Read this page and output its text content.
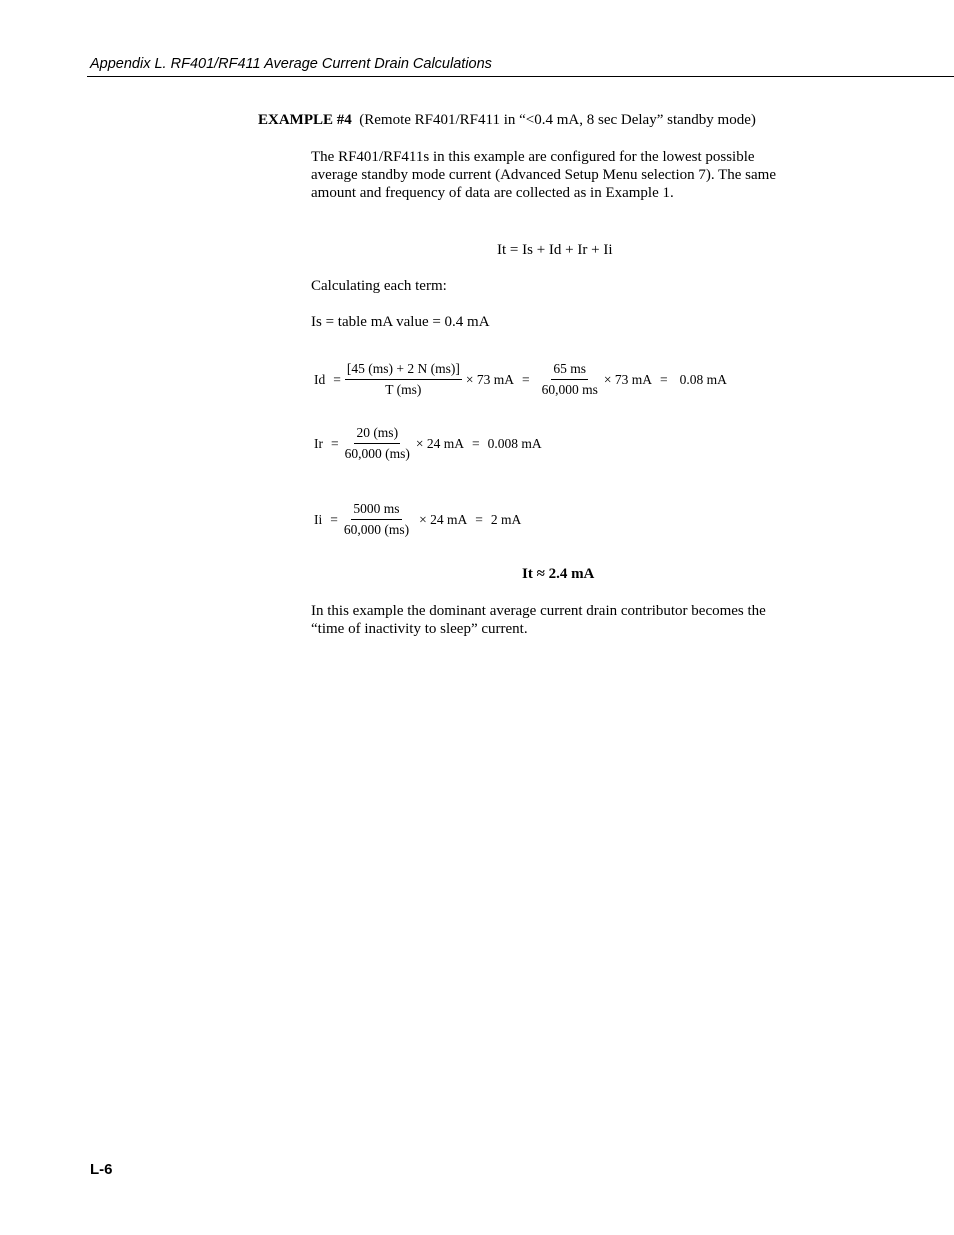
Appendix L. RF401/RF411 Average Current Drain Calculations
EXAMPLE #4 (Remote RF401/RF411 in “<0.4 mA, 8 sec Delay” standby mode)
The RF401/RF411s in this example are configured for the lowest possible
average standby mode current (Advanced Setup Menu selection 7). The same
amount and frequency of data are collected as in Example 1.
It = Is + Id + Ir + Ii
Calculating each term:
Is = table mA value = 0.4 mA
$Id = \frac{[45 (ms) + 2 N (ms)]}{T (ms)} \times 73$ mA = $\frac{65 ms}{60,000 ms} \times 73$ mA = 0.08 mA
$Ir = \frac{20 (ms)}{60,000 (ms)} \times 24$ mA = 0.008 mA
$Ii = \frac{5000 ms}{60,000 (ms)} \times 24$ mA = 2 mA
It ≈ 2.4 mA
In this example the dominant average current drain contributor becomes the
“time of inactivity to sleep” current.
L-6
